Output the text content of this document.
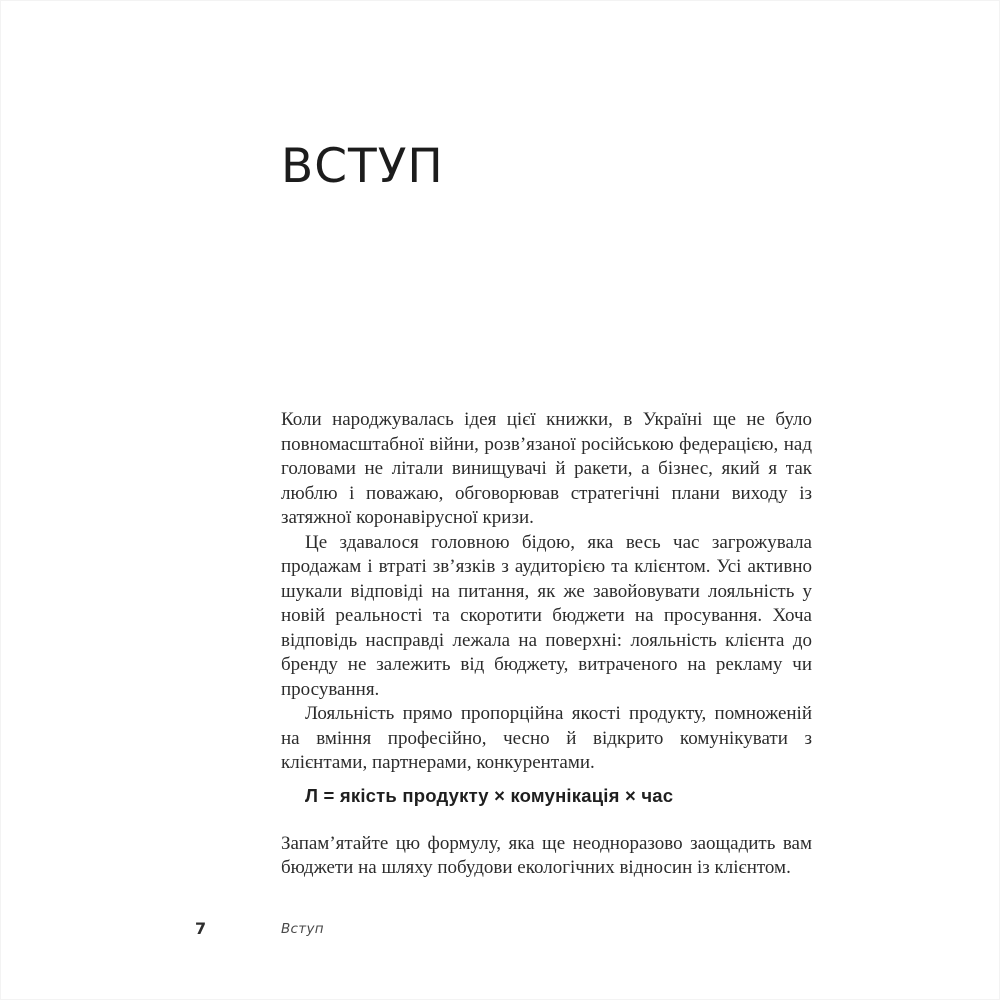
ВСТУП

Коли народжувалась ідея цієї книжки, в Україні ще не було повномасштабної війни, розв’язаної російською федерацією, над головами не літали винищувачі й ракети, а бізнес, який я так люблю і поважаю, обговорював стратегічні плани виходу із затяжної коронавірусної кризи.

Це здавалося головною бідою, яка весь час загрожувала продажам і втраті зв’язків з аудиторією та клієнтом. Усі активно шукали відповіді на питання, як же завойовувати лояльність у новій реальності та скоротити бюджети на просування. Хоча відповідь насправді лежала на поверхні: лояльність клієнта до бренду не залежить від бюджету, витраченого на рекламу чи просування.

Лояльність прямо пропорційна якості продукту, помноженій на вміння професійно, чесно й відкрито комунікувати з клієнтами, партнерами, конкурентами.

Л = якість продукту × комунікація × час

Запам’ятайте цю формулу, яка ще неодноразово заощадить вам бюджети на шляху побудови екологічних відносин із клієнтом.

7	Вступ
